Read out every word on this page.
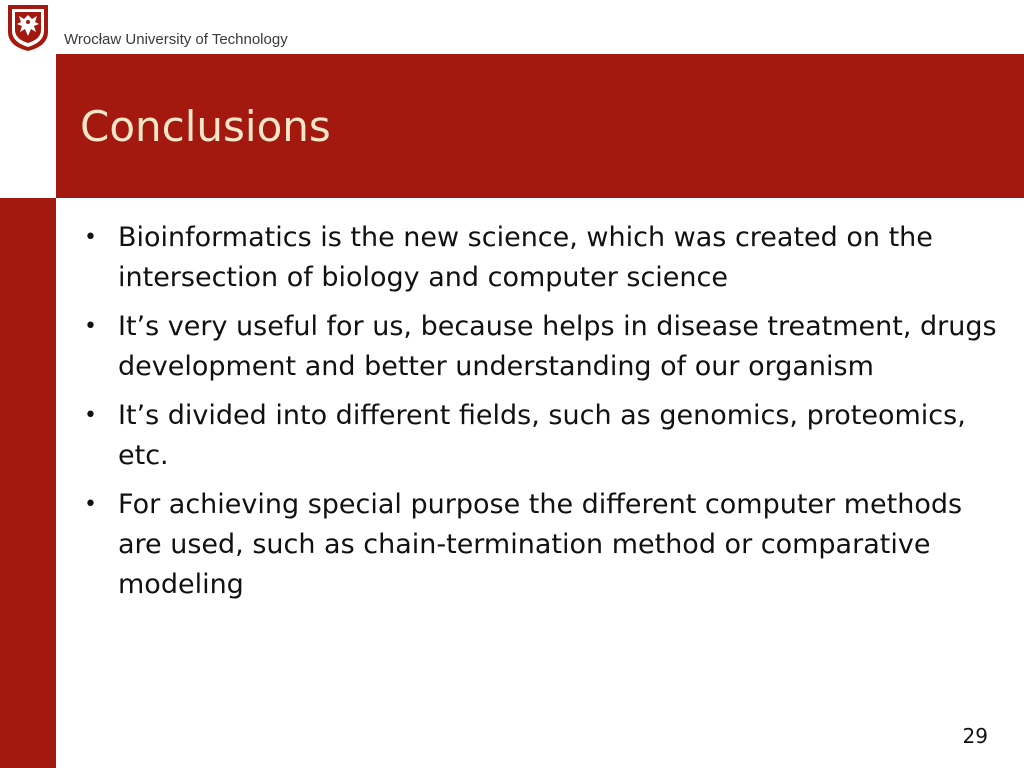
Wrocław University of Technology
Conclusions
• Bioinformatics is the new science, which was created on the intersection of biology and computer science
• It’s very useful for us, because helps in disease treatment, drugs development and better understanding of our organism
• It’s divided into different fields, such as genomics, proteomics, etc.
• For achieving special purpose the different computer methods are used, such as chain-termination method or comparative modeling
29
